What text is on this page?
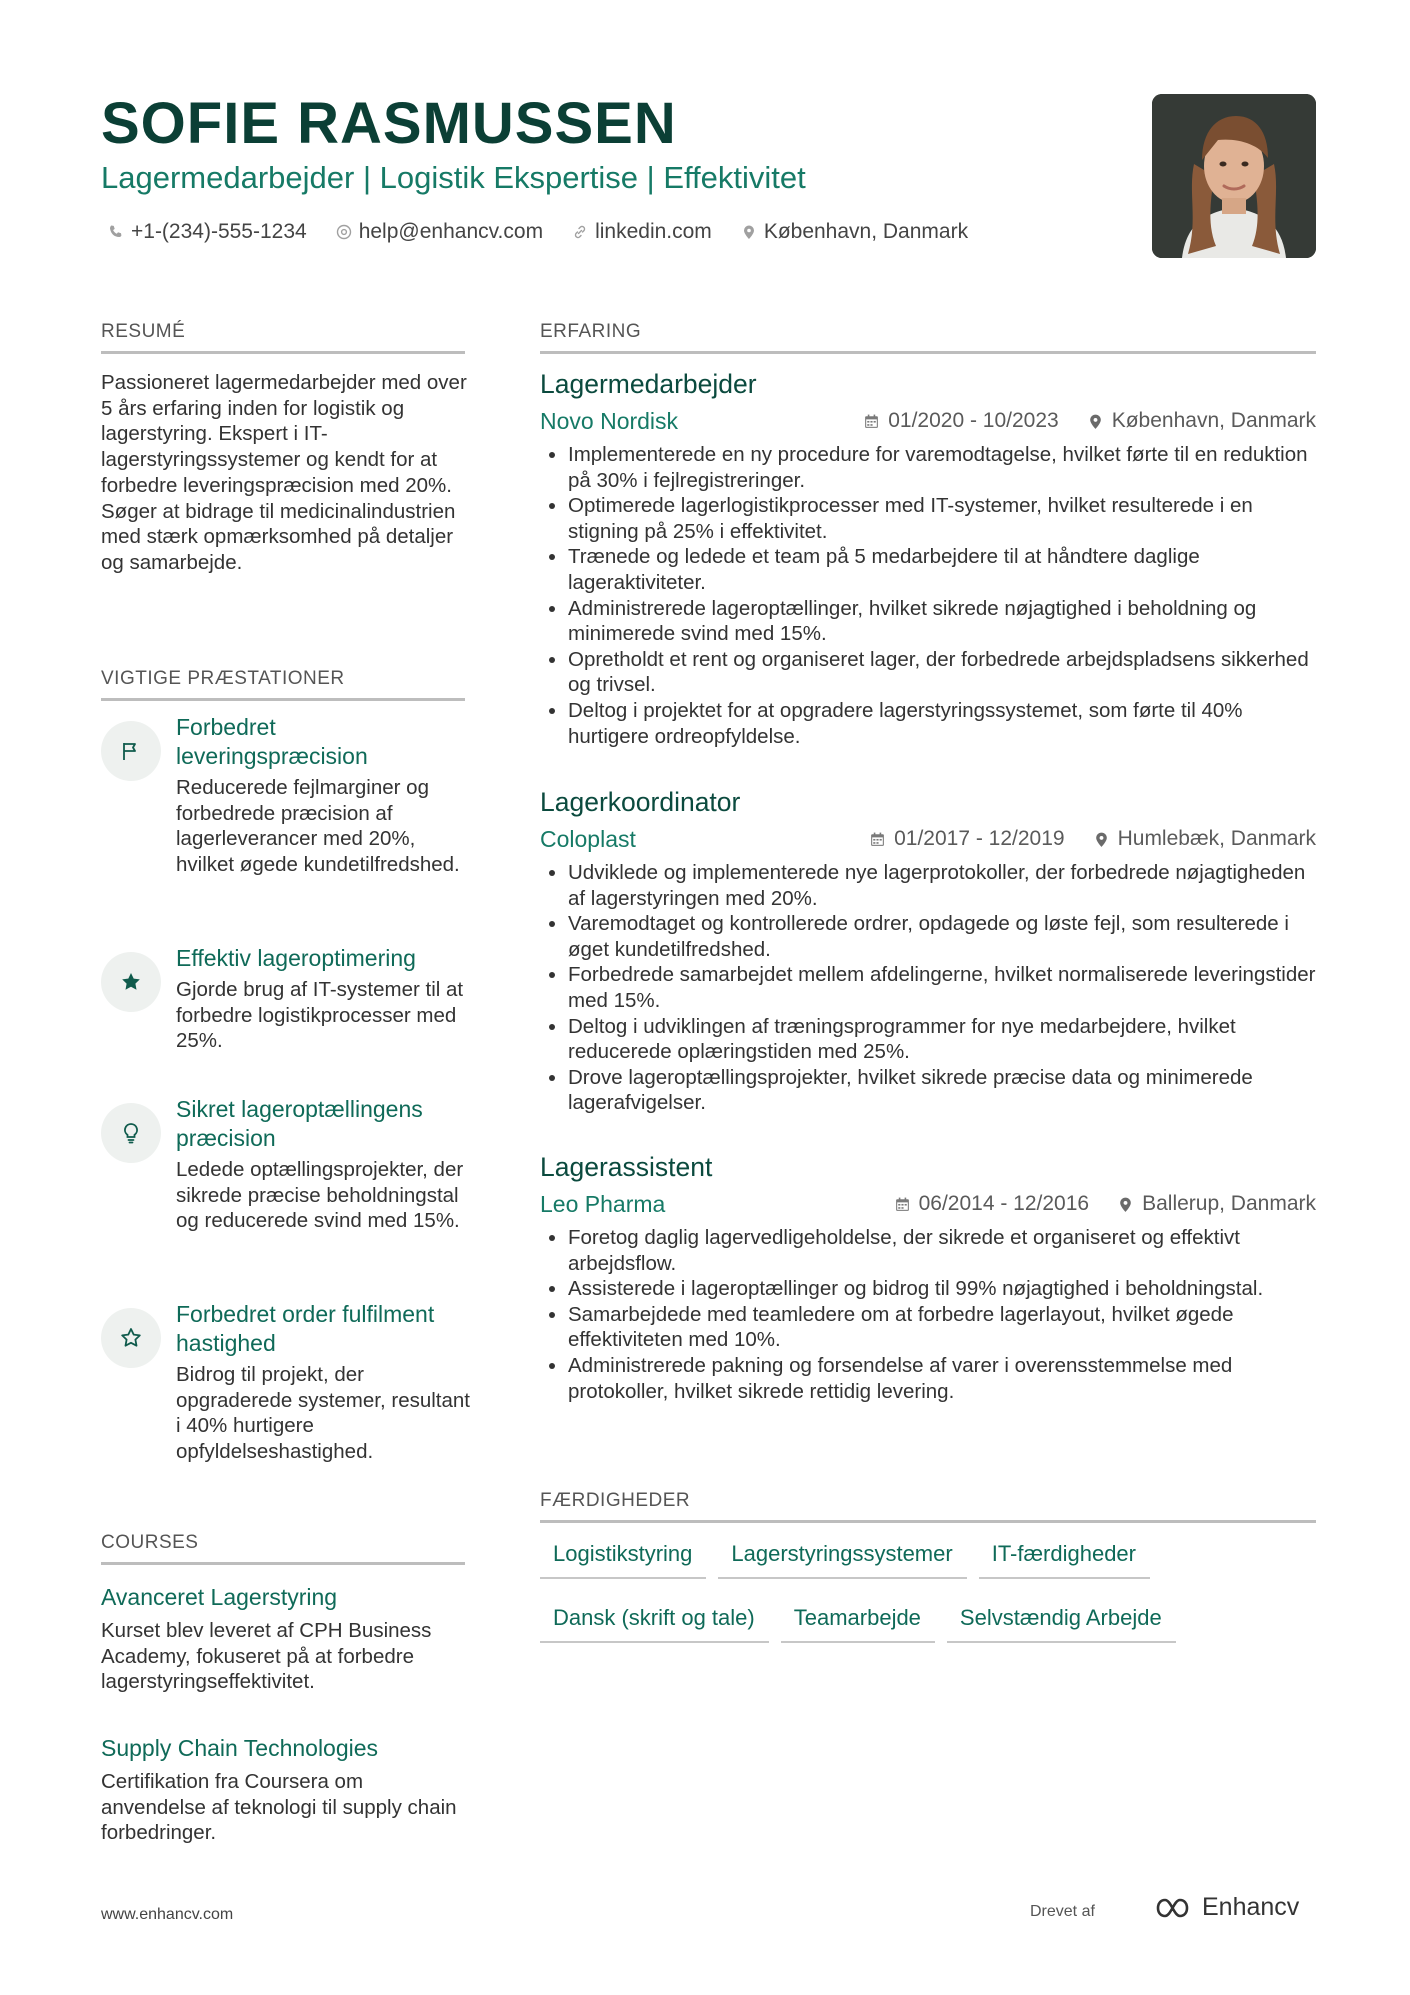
SOFIE RASMUSSEN
Lagermedarbejder | Logistik Ekspertise | Effektivitet
+1-(234)-555-1234 help@enhancv.com linkedin.com København, Danmark
RESUMÉ
Passioneret lagermedarbejder med over 5 års erfaring inden for logistik og lagerstyring. Ekspert i IT-lagerstyringssystemer og kendt for at forbedre leveringspræcision med 20%. Søger at bidrage til medicinalindustrien med stærk opmærksomhed på detaljer og samarbejde.
VIGTIGE PRÆSTATIONER
Forbedret leveringspræcision
Reducerede fejlmarginer og forbedrede præcision af lagerleverancer med 20%, hvilket øgede kundetilfredshed.
Effektiv lageroptimering
Gjorde brug af IT-systemer til at forbedre logistikprocesser med 25%.
Sikret lageroptællingens præcision
Ledede optællingsprojekter, der sikrede præcise beholdningstal og reducerede svind med 15%.
Forbedret order fulfilment hastighed
Bidrog til projekt, der opgraderede systemer, resultant i 40% hurtigere opfyldelseshastighed.
COURSES
Avanceret Lagerstyring
Kurset blev leveret af CPH Business Academy, fokuseret på at forbedre lagerstyringseffektivitet.
Supply Chain Technologies
Certifikation fra Coursera om anvendelse af teknologi til supply chain forbedringer.
ERFARING
Lagermedarbejder
Novo Nordisk	01/2020 - 10/2023	København, Danmark
• Implementerede en ny procedure for varemodtagelse, hvilket førte til en reduktion på 30% i fejlregistreringer.
• Optimerede lagerlogistikprocesser med IT-systemer, hvilket resulterede i en stigning på 25% i effektivitet.
• Trænede og ledede et team på 5 medarbejdere til at håndtere daglige lageraktiviteter.
• Administrerede lageroptællinger, hvilket sikrede nøjagtighed i beholdning og minimerede svind med 15%.
• Opretholdt et rent og organiseret lager, der forbedrede arbejdspladsens sikkerhed og trivsel.
• Deltog i projektet for at opgradere lagerstyringssystemet, som førte til 40% hurtigere ordreopfyldelse.
Lagerkoordinator
Coloplast	01/2017 - 12/2019	Humlebæk, Danmark
• Udviklede og implementerede nye lagerprotokoller, der forbedrede nøjagtigheden af lagerstyringen med 20%.
• Varemodtaget og kontrollerede ordrer, opdagede og løste fejl, som resulterede i øget kundetilfredshed.
• Forbedrede samarbejdet mellem afdelingerne, hvilket normaliserede leveringstider med 15%.
• Deltog i udviklingen af træningsprogrammer for nye medarbejdere, hvilket reducerede oplæringstiden med 25%.
• Drove lageroptællingsprojekter, hvilket sikrede præcise data og minimerede lagerafvigelser.
Lagerassistent
Leo Pharma	06/2014 - 12/2016	Ballerup, Danmark
• Foretog daglig lagervedligeholdelse, der sikrede et organiseret og effektivt arbejdsflow.
• Assisterede i lageroptællinger og bidrog til 99% nøjagtighed i beholdningstal.
• Samarbejdede med teamledere om at forbedre lagerlayout, hvilket øgede effektiviteten med 10%.
• Administrerede pakning og forsendelse af varer i overensstemmelse med protokoller, hvilket sikrede rettidig levering.
FÆRDIGHEDER
Logistikstyring	Lagerstyringssystemer	IT-færdigheder
Dansk (skrift og tale)	Teamarbejde	Selvstændig Arbejde
www.enhancv.com	Drevet af	Enhancv
